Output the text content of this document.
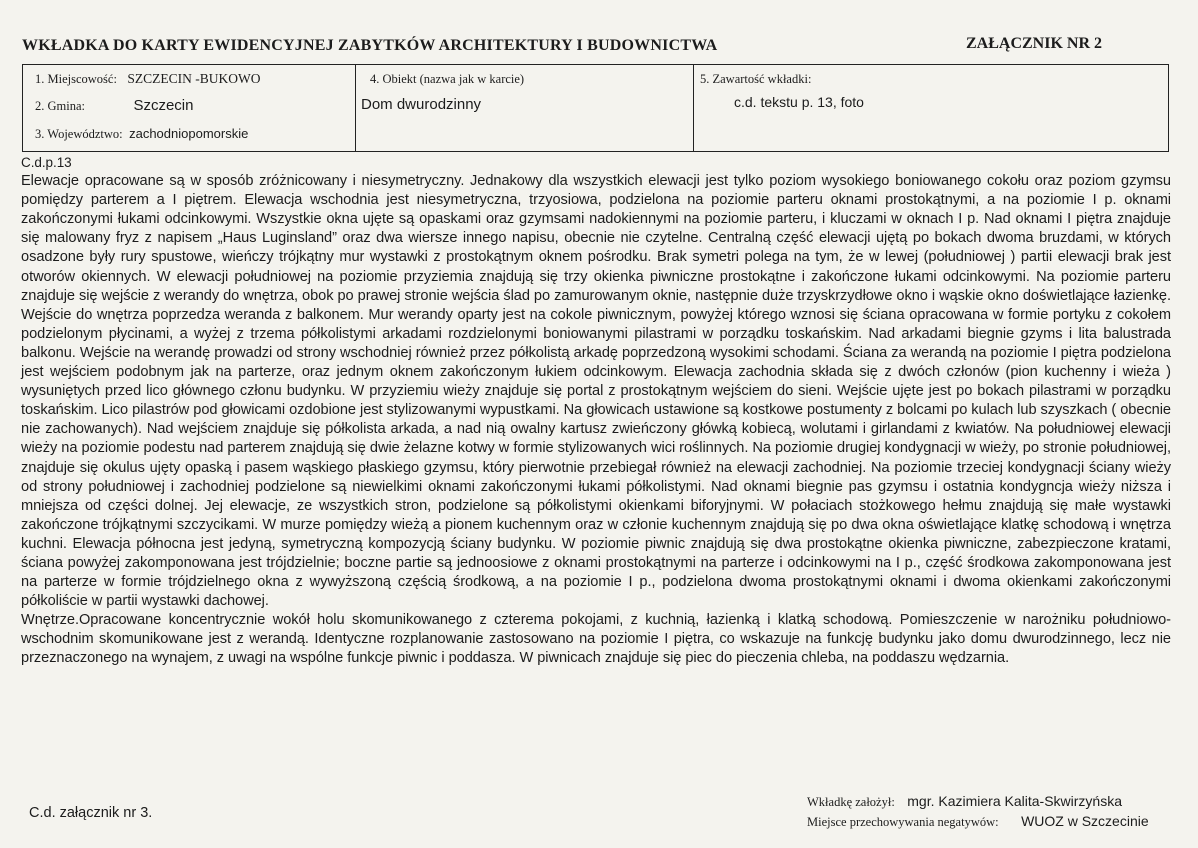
WKŁADKA DO KARTY EWIDENCYJNEJ ZABYTKÓW ARCHITEKTURY I BUDOWNICTWA	ZAŁĄCZNIK NR 2
1. Miejscowość: SZCZECIN -BUKOWO
2. Gmina:	Szczecin
3. Województwo: zachodniopomorskie
4. Obiekt (nazwa jak w karcie)
Dom dwurodzinny
5. Zawartość wkładki:
c.d. tekstu p. 13, foto
C.d.p.13

Elewacje opracowane są w sposób zróżnicowany i niesymetryczny. Jednakowy dla wszystkich elewacji jest tylko poziom wysokiego boniowanego cokołu oraz poziom gzymsu pomiędzy parterem a I piętrem. Elewacja wschodnia jest niesymetryczna, trzyosiowa, podzielona na poziomie parteru oknami prostokątnymi, a na poziomie I p. oknami zakończonymi łukami odcinkowymi. Wszystkie okna ujęte są opaskami oraz gzymsami nadokiennymi na poziomie parteru, i kluczami w oknach I p. Nad oknami I piętra znajduje się malowany fryz z napisem „Haus Luginsland” oraz dwa wiersze innego napisu, obecnie nie czytelne. Centralną część elewacji ujętą po bokach dwoma bruzdami, w których osadzone były rury spustowe, wieńczy trójkątny mur wystawki z prostokątnym oknem pośrodku. Brak symetri polega na tym, że w lewej (południowej ) partii elewacji brak jest otworów okiennych. W elewacji południowej na poziomie przyziemia znajdują się trzy okienka piwniczne prostokątne i zakończone łukami odcinkowymi. Na poziomie parteru znajduje się wejście z werandy do wnętrza, obok po prawej stronie wejścia ślad po zamurowanym oknie, następnie duże trzyskrzydłowe okno i wąskie okno doświetlające łazienkę. Wejście do wnętrza poprzedza weranda z balkonem. Mur werandy oparty jest na cokole piwnicznym, powyżej którego wznosi się ściana opracowana w formie portyku z cokołem podzielonym płycinami, a wyżej z trzema półkolistymi arkadami rozdzielonymi boniowanymi pilastrami w porządku toskańskim. Nad arkadami biegnie gzyms i lita balustrada balkonu. Wejście na werandę prowadzi od strony wschodniej również przez półkolistą arkadę poprzedzoną wysokimi schodami. Ściana za werandą na poziomie I piętra podzielona jest wejściem podobnym jak na parterze, oraz jednym oknem zakończonym łukiem odcinkowym. Elewacja zachodnia składa się z dwóch członów (pion kuchenny i wieża ) wysuniętych przed lico głównego członu budynku. W przyziemiu wieży znajduje się portal z prostokątnym wejściem do sieni. Wejście ujęte jest po bokach pilastrami w porządku toskańskim. Lico pilastrów pod głowicami ozdobione jest stylizowanymi wypustkami. Na głowicach ustawione są kostkowe postumenty z bolcami po kulach lub szyszkach ( obecnie nie zachowanych). Nad wejściem znajduje się półkolista arkada, a nad nią owalny kartusz zwieńczony główką kobiecą, wolutami i girlandami z kwiatów. Na południowej elewacji wieży na poziomie podestu nad parterem znajdują się dwie żelazne kotwy w formie stylizowanych wici roślinnych. Na poziomie drugiej kondygnacji w wieży, po stronie południowej, znajduje się okulus ujęty opaską i pasem wąskiego płaskiego gzymsu, który pierwotnie przebiegał również na elewacji zachodniej. Na poziomie trzeciej kondygnacji ściany wieży od strony południowej i zachodniej podzielone są niewielkimi oknami zakończonymi łukami półkolistymi. Nad oknami biegnie pas gzymsu i ostatnia kondygncja wieży niższa i mniejsza od części dolnej. Jej elewacje, ze wszystkich stron, podzielone są półkolistymi okienkami biforyjnymi. W połaciach stożkowego hełmu znajdują się małe wystawki zakończone trójkątnymi szczycikami. W murze pomiędzy wieżą a pionem kuchennym oraz w członie kuchennym znajdują się po dwa okna oświetlające klatkę schodową i wnętrza kuchni. Elewacja północna jest jedyną, symetryczną kompozycją ściany budynku. W poziomie piwnic znajdują się dwa prostokątne okienka piwniczne, zabezpieczone kratami, ściana powyżej zakomponowana jest trójdzielnie; boczne partie są jednoosiowe z oknami prostokątnymi na parterze i odcinkowymi na I p., część środkowa zakomponowana jest na parterze w formie trójdzielnego okna z wywyższoną częścią środkową, a na poziomie I p., podzielona dwoma prostokątnymi oknami i dwoma okienkami zakończonymi półkoliście w partii wystawki dachowej.

Wnętrze.Opracowane koncentrycznie wokół holu skomunikowanego z czterema pokojami, z kuchnią, łazienką i klatką schodową. Pomieszczenie w narożniku południowo-wschodnim skomunikowane jest z werandą. Identyczne rozplanowanie zastosowano na poziomie I piętra, co wskazuje na funkcję budynku jako domu dwurodzinnego, lecz nie przeznaczonego na wynajem, z uwagi na wspólne funkcje piwnic i poddasza. W piwnicach znajduje się piec do pieczenia chleba, na poddaszu wędzarnia.

C.d. załącznik nr 3.
Wkładkę założył: mgr. Kazimiera Kalita-Skwirzyńska
Miejsce przechowywania negatywów: WUOZ w Szczecinie
